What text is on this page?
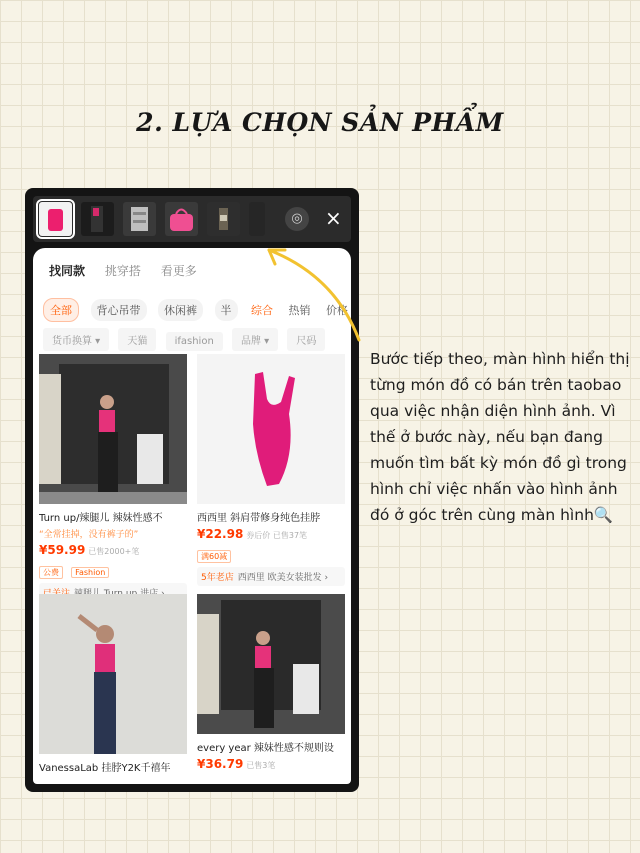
2. LỰA CHỌN SẢN PHẨM
◎	×
找同款 挑穿搭 看更多
全部 背心吊带 休闲裤 半 综合 热销 价格
货币换算 ▾	天猫	ifashion	品牌 ▾	尺码
Turn up/辣腿儿 辣妹性感不
“全常挂掉，没有裤子的”
¥59.99 已售2000+笔
公费 Fashion
西西里 斜肩带修身纯色挂脖
¥22.98 券后价 已售37笔
满60减
5年老店 西西里 欧美女装批发 ›
VanessaLab 挂脖Y2K千禧年
every year 辣妹性感不规则设
¥36.79 已售3笔
Bước tiếp theo, màn hình hiển thị từng món đồ có bán trên taobao qua việc nhận diện hình ảnh. Vì thế ở bước này, nếu bạn đang muốn tìm bất kỳ món đồ gì trong hình chỉ việc nhấn vào hình ảnh đó ở góc trên cùng màn hình🔍
